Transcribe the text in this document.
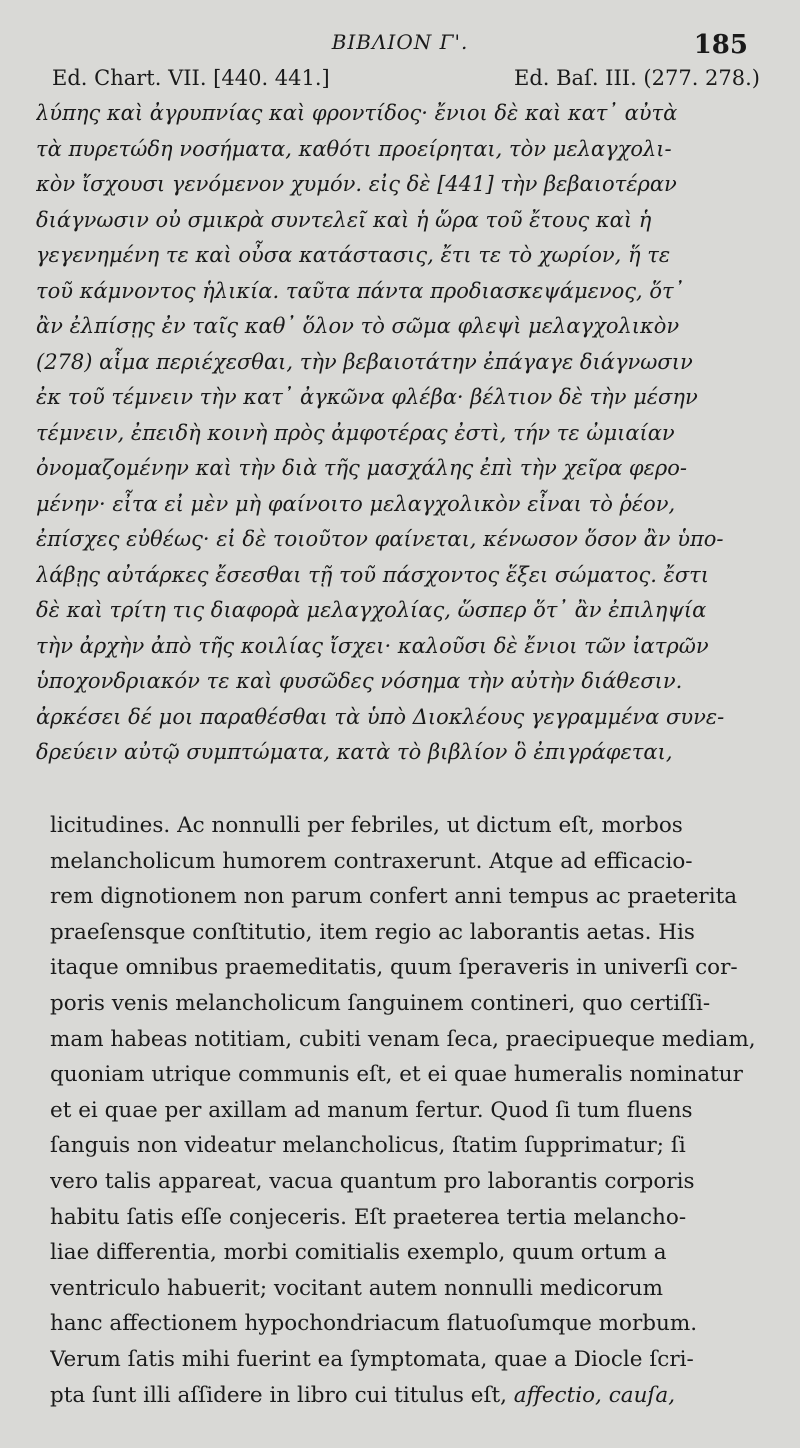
ΒΙΒΛΙΟΝ Γ'.	185
Ed. Chart. VII. [440. 441.]	Ed. Baſ. III. (277. 278.)
λύπης καὶ ἀγρυπνίας καὶ φροντίδος· ἔνιοι δὲ καὶ κατ᾽ αὐτὰ
τὰ πυρετώδη νοσήματα, καθότι προείρηται, τὸν μελαγχολι-
κὸν ἴσχουσι γενόμενον χυμόν. εἰς δὲ [441] τὴν βεβαιοτέραν
διάγνωσιν οὐ σμικρὰ συντελεῖ καὶ ἡ ὥρα τοῦ ἔτους καὶ ἡ
γεγενημένη τε καὶ οὖσα κατάστασις, ἔτι τε τὸ χωρίον, ἥ τε
τοῦ κάμνοντος ἡλικία. ταῦτα πάντα προδιασκεψάμενος, ὅτ᾽
ἂν ἐλπίσῃς ἐν ταῖς καθ᾽ ὅλον τὸ σῶμα φλεψὶ μελαγχολικὸν
(278) αἷμα περιέχεσθαι, τὴν βεβαιοτάτην ἐπάγαγε διάγνωσιν
ἐκ τοῦ τέμνειν τὴν κατ᾽ ἀγκῶνα φλέβα· βέλτιον δὲ τὴν μέσην
τέμνειν, ἐπειδὴ κοινὴ πρὸς ἀμφοτέρας ἐστὶ, τήν τε ὠμιαίαν
ὀνομαζομένην καὶ τὴν διὰ τῆς μασχάλης ἐπὶ τὴν χεῖρα φερο-
μένην· εἶτα εἰ μὲν μὴ φαίνοιτο μελαγχολικὸν εἶναι τὸ ῥέον,
ἐπίσχες εὐθέως· εἰ δὲ τοιοῦτον φαίνεται, κένωσον ὅσον ἂν ὑπο-
λάβῃς αὐτάρκες ἔσεσθαι τῇ τοῦ πάσχοντος ἕξει σώματος. ἔστι
δὲ καὶ τρίτη τις διαφορὰ μελαγχολίας, ὥσπερ ὅτ᾽ ἂν ἐπιληψία
τὴν ἀρχὴν ἀπὸ τῆς κοιλίας ἴσχει· καλοῦσι δὲ ἔνιοι τῶν ἰατρῶν
ὑποχονδριακόν τε καὶ φυσῶδες νόσημα τὴν αὐτὴν διάθεσιν.
ἀρκέσει δέ μοι παραθέσθαι τὰ ὑπὸ Διοκλέους γεγραμμένα συνε-
δρεύειν αὐτῷ συμπτώματα, κατὰ τὸ βιβλίον ὃ ἐπιγράφεται,
licitudines. Ac nonnulli per febriles, ut dictum eſt, morbos
melancholicum humorem contraxerunt. Atque ad efficacio-
rem dignotionem non parum confert anni tempus ac praeterita
praeſensque conſtitutio, item regio ac laborantis aetas. His
itaque omnibus praemeditatis, quum ſperaveris in univerſi cor-
poris venis melancholicum ſanguinem contineri, quo certiſſi-
mam habeas notitiam, cubiti venam ſeca, praecipueque mediam,
quoniam utrique communis eſt, et ei quae humeralis nominatur
et ei quae per axillam ad manum fertur. Quod ſi tum fluens
ſanguis non videatur melancholicus, ſtatim ſupprimatur; ſi
vero talis appareat, vacua quantum pro laborantis corporis
habitu ſatis eſſe conjeceris. Eſt praeterea tertia melancho-
liae differentia, morbi comitialis exemplo, quum ortum a
ventriculo habuerit; vocitant autem nonnulli medicorum
hanc affectionem hypochondriacum flatuoſumque morbum.
Verum ſatis mihi fuerint ea ſymptomata, quae a Diocle ſcri-
pta ſunt illi aſſidere in libro cui titulus eſt, affectio, cauſa,
